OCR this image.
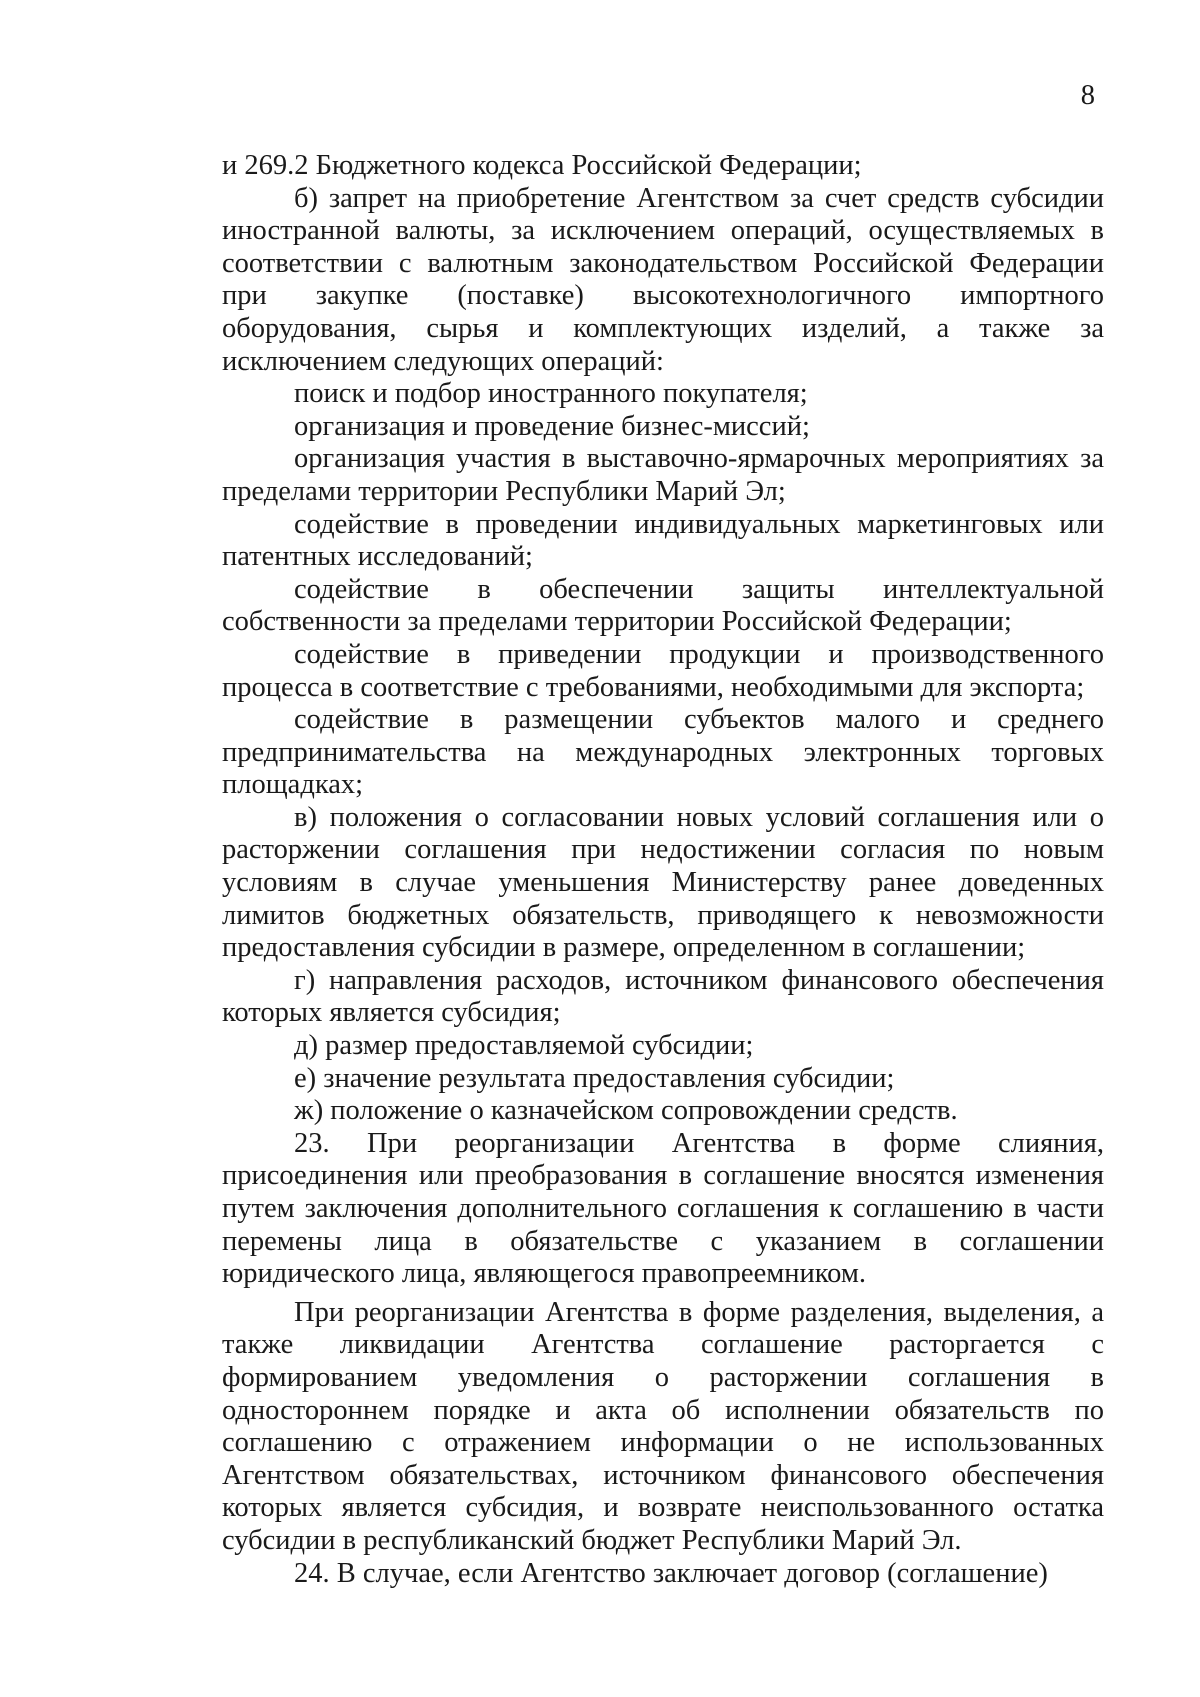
8

и 269.2 Бюджетного кодекса Российской Федерации;

б) запрет на приобретение Агентством за счет средств субсидии иностранной валюты, за исключением операций, осуществляемых в соответствии с валютным законодательством Российской Федерации при закупке (поставке) высокотехнологичного импортного оборудования, сырья и комплектующих изделий, а также за исключением следующих операций:

поиск и подбор иностранного покупателя;

организация и проведение бизнес-миссий;

организация участия в выставочно-ярмарочных мероприятиях за пределами территории Республики Марий Эл;

содействие в проведении индивидуальных маркетинговых или патентных исследований;

содействие в обеспечении защиты интеллектуальной собственности за пределами территории Российской Федерации;

содействие в приведении продукции и производственного процесса в соответствие с требованиями, необходимыми для экспорта;

содействие в размещении субъектов малого и среднего предпринимательства на международных электронных торговых площадках;

в) положения о согласовании новых условий соглашения или о расторжении соглашения при недостижении согласия по новым условиям в случае уменьшения Министерству ранее доведенных лимитов бюджетных обязательств, приводящего к невозможности предоставления субсидии в размере, определенном в соглашении;

г) направления расходов, источником финансового обеспечения которых является субсидия;

д) размер предоставляемой субсидии;

е) значение результата предоставления субсидии;

ж) положение о казначейском сопровождении средств.

23. При реорганизации Агентства в форме слияния, присоединения или преобразования в соглашение вносятся изменения путем заключения дополнительного соглашения к соглашению в части перемены лица в обязательстве с указанием в соглашении юридического лица, являющегося правопреемником.

При реорганизации Агентства в форме разделения, выделения, а также ликвидации Агентства соглашение расторгается с формированием уведомления о расторжении соглашения в одностороннем порядке и акта об исполнении обязательств по соглашению с отражением информации о не использованных Агентством обязательствах, источником финансового обеспечения которых является субсидия, и возврате неиспользованного остатка субсидии в республиканский бюджет Республики Марий Эл.

24. В случае, если Агентство заключает договор (соглашение)
